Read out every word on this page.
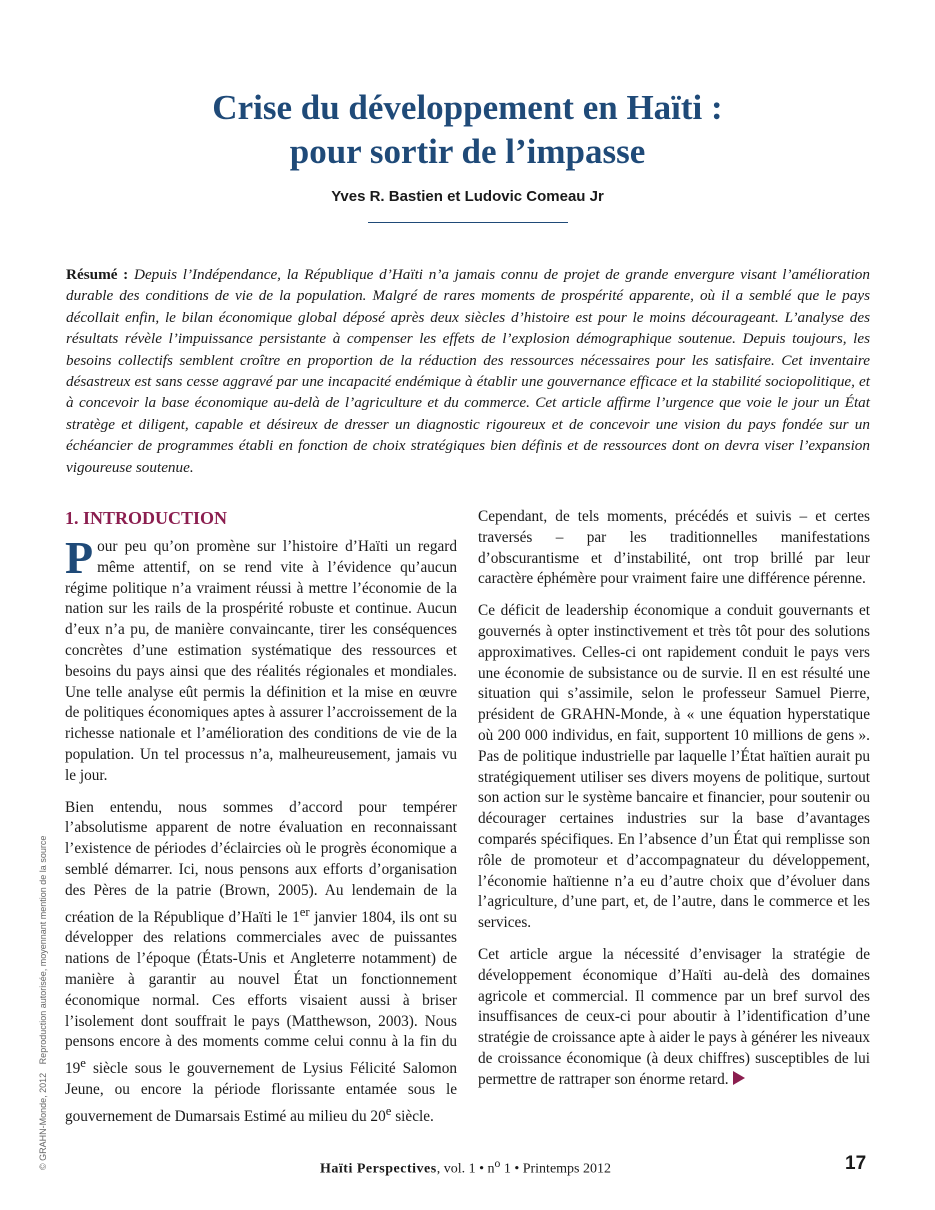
Crise du développement en Haïti :
pour sortir de l’impasse
Yves R. Bastien et Ludovic Comeau Jr

Résumé : Depuis l’Indépendance, la République d’Haïti n’a jamais connu de projet de grande envergure visant l’amélioration durable des conditions de vie de la population. Malgré de rares moments de prospérité apparente, où il a semblé que le pays décollait enfin, le bilan économique global déposé après deux siècles d’histoire est pour le moins décourageant. L’analyse des résultats révèle l’impuissance persistante à compenser les effets de l’explosion démographique soutenue. Depuis toujours, les besoins collectifs semblent croître en proportion de la réduction des ressources nécessaires pour les satisfaire. Cet inventaire désastreux est sans cesse aggravé par une incapacité endémique à établir une gouvernance efficace et la stabilité sociopolitique, et à concevoir la base économique au-delà de l’agriculture et du commerce. Cet article affirme l’urgence que voie le jour un État stratège et diligent, capable et désireux de dresser un diagnostic rigoureux et de concevoir une vision du pays fondée sur un échéancier de programmes établi en fonction de choix stratégiques bien définis et de ressources dont on devra viser l’expansion vigoureuse soutenue.

1. INTRODUCTION

Pour peu qu’on promène sur l’histoire d’Haïti un regard même attentif, on se rend vite à l’évidence qu’aucun régime politique n’a vraiment réussi à mettre l’économie de la nation sur les rails de la prospérité robuste et continue. Aucun d’eux n’a pu, de manière convaincante, tirer les conséquences concrètes d’une estimation systématique des ressources et besoins du pays ainsi que des réalités régionales et mondiales. Une telle analyse eût permis la définition et la mise en œuvre de politiques économiques aptes à assurer l’accroissement de la richesse nationale et l’amélioration des conditions de vie de la population. Un tel processus n’a, malheureusement, jamais vu le jour.

Bien entendu, nous sommes d’accord pour tempérer l’absolutisme apparent de notre évaluation en reconnaissant l’existence de périodes d’éclaircies où le progrès économique a semblé démarrer. Ici, nous pensons aux efforts d’organisation des Pères de la patrie (Brown, 2005). Au lendemain de la création de la République d’Haïti le 1er janvier 1804, ils ont su développer des relations commerciales avec de puissantes nations de l’époque (États-Unis et Angleterre notamment) de manière à garantir au nouvel État un fonctionnement économique normal. Ces efforts visaient aussi à briser l’isolement dont souffrait le pays (Matthewson, 2003). Nous pensons encore à des moments comme celui connu à la fin du 19e siècle sous le gouvernement de Lysius Félicité Salomon Jeune, ou encore la période florissante entamée sous le gouvernement de Dumarsais Estimé au milieu du 20e siècle.

Cependant, de tels moments, précédés et suivis – et certes traversés – par les traditionnelles manifestations d’obscurantisme et d’instabilité, ont trop brillé par leur caractère éphémère pour vraiment faire une différence pérenne.

Ce déficit de leadership économique a conduit gouvernants et gouvernés à opter instinctivement et très tôt pour des solutions approximatives. Celles-ci ont rapidement conduit le pays vers une économie de subsistance ou de survie. Il en est résulté une situation qui s’assimile, selon le professeur Samuel Pierre, président de GRAHN-Monde, à « une équation hyperstatique où 200 000 individus, en fait, supportent 10 millions de gens ». Pas de politique industrielle par laquelle l’État haïtien aurait pu stratégiquement utiliser ses divers moyens de politique, surtout son action sur le système bancaire et financier, pour soutenir ou décourager certaines industries sur la base d’avantages comparés spécifiques. En l’absence d’un État qui remplisse son rôle de promoteur et d’accompagnateur du développement, l’économie haïtienne n’a eu d’autre choix que d’évoluer dans l’agriculture, d’une part, et, de l’autre, dans le commerce et les services.

Cet article argue la nécessité d’envisager la stratégie de développement économique d’Haïti au-delà des domaines agricole et commercial. Il commence par un bref survol des insuffisances de ceux-ci pour aboutir à l’identification d’une stratégie de croissance apte à aider le pays à générer les niveaux de croissance économique (à deux chiffres) susceptibles de lui permettre de rattraper son énorme retard.

© GRAHN-Monde, 2012 Reproduction autorisée, moyennant mention de la source
Haïti Perspectives, vol. 1 • $n^o$ 1 • Printemps 2012	17
